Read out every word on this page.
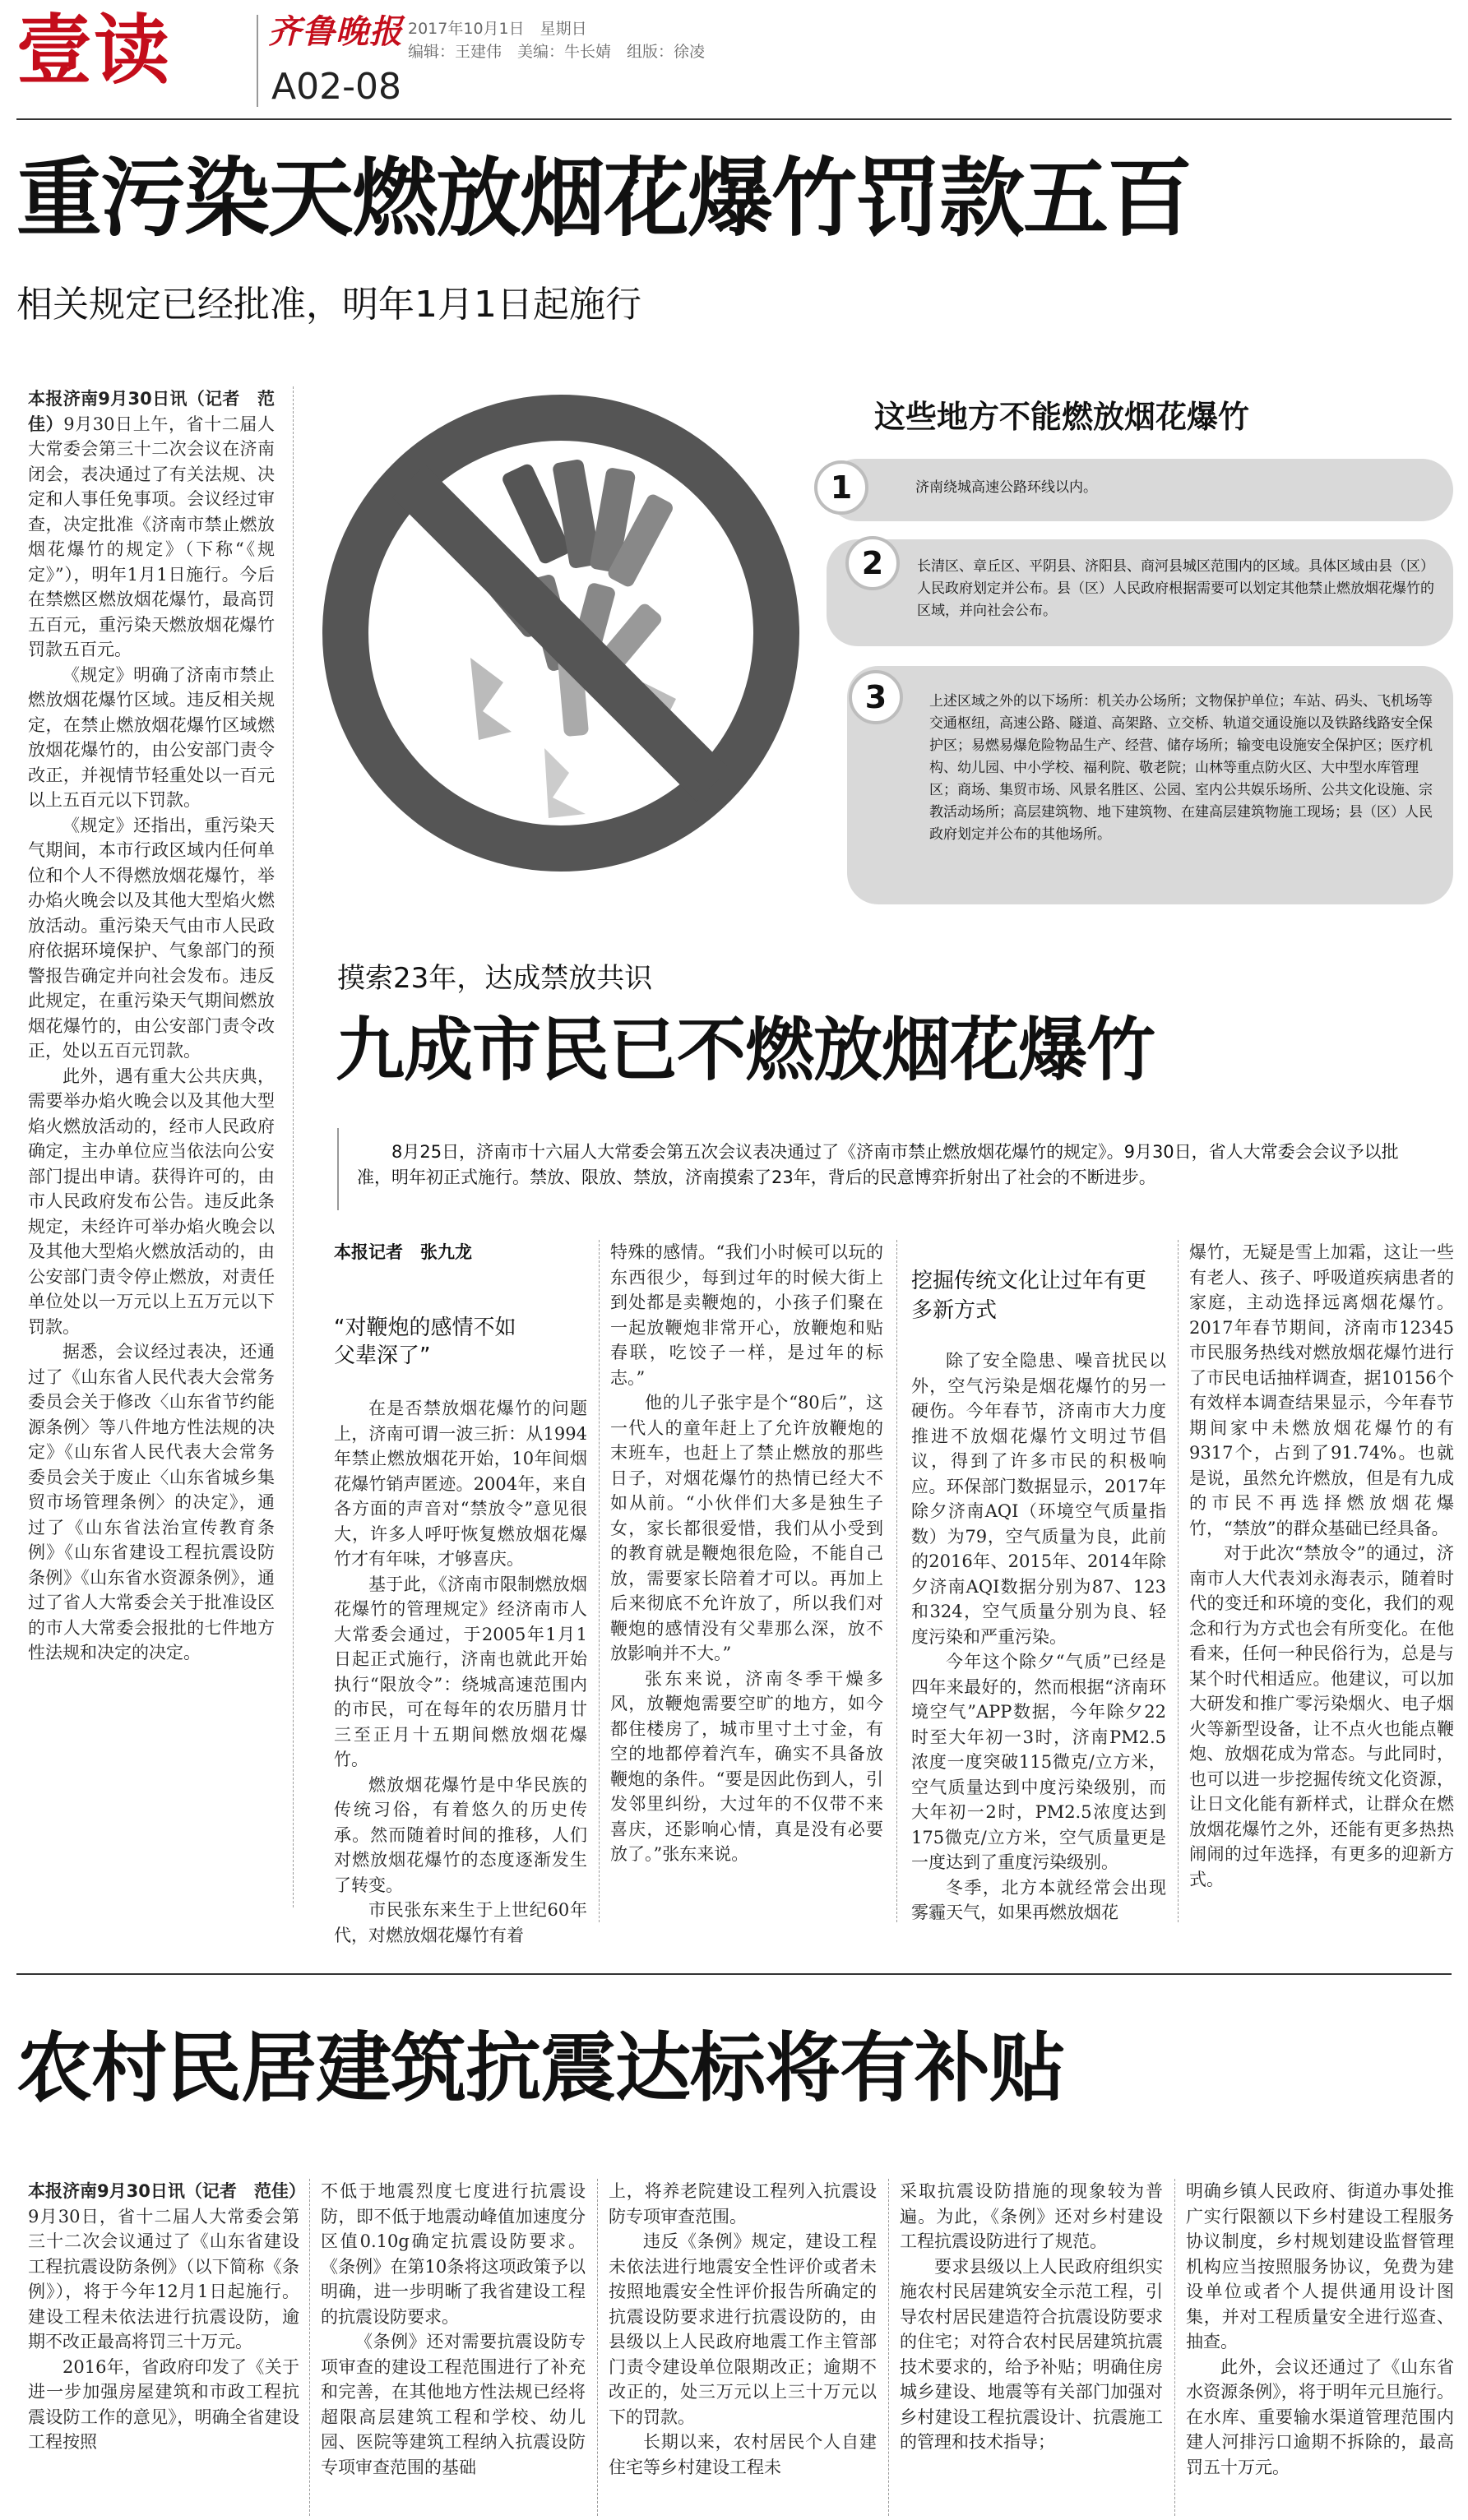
壹读	齐鲁晚报 2017年10月1日　星期日
编辑：王建伟　美编：牛长婧　组版：徐凌
A02-08
重污染天燃放烟花爆竹罚款五百
相关规定已经批准，明年1月1日起施行

本报济南9月30日讯（记者　范佳）9月30日上午，省十二届人大常委会第三十二次会议在济南闭会，表决通过了有关法规、决定和人事任免事项。会议经过审查，决定批准《济南市禁止燃放烟花爆竹的规定》（下称“《规定》”），明年1月1日施行。今后在禁燃区燃放烟花爆竹，最高罚五百元，重污染天燃放烟花爆竹罚款五百元。

《规定》明确了济南市禁止燃放烟花爆竹区域。违反相关规定，在禁止燃放烟花爆竹区域燃放烟花爆竹的，由公安部门责令改正，并视情节轻重处以一百元以上五百元以下罚款。

《规定》还指出，重污染天气期间，本市行政区域内任何单位和个人不得燃放烟花爆竹，举办焰火晚会以及其他大型焰火燃放活动。重污染天气由市人民政府依据环境保护、气象部门的预警报告确定并向社会发布。违反此规定，在重污染天气期间燃放烟花爆竹的，由公安部门责令改正，处以五百元罚款。

此外，遇有重大公共庆典，需要举办焰火晚会以及其他大型焰火燃放活动的，经市人民政府确定，主办单位应当依法向公安部门提出申请。获得许可的，由市人民政府发布公告。违反此条规定，未经许可举办焰火晚会以及其他大型焰火燃放活动的，由公安部门责令停止燃放，对责任单位处以一万元以上五万元以下罚款。

据悉，会议经过表决，还通过了《山东省人民代表大会常务委员会关于修改〈山东省节约能源条例〉等八件地方性法规的决定》《山东省人民代表大会常务委员会关于废止〈山东省城乡集贸市场管理条例〉的决定》，通过了《山东省法治宣传教育条例》《山东省建设工程抗震设防条例》《山东省水资源条例》，通过了省人大常委会关于批准设区的市人大常委会报批的七件地方性法规和决定的决定。

这些地方不能燃放烟花爆竹
济南绕城高速公路环线以内。
1
长清区、章丘区、平阴县、济阳县、商河县城区范围内的区域。具体区域由县（区）人民政府划定并公布。县（区）人民政府根据需要可以划定其他禁止燃放烟花爆竹的区域，并向社会公布。
2
上述区域之外的以下场所：机关办公场所；文物保护单位；车站、码头、飞机场等交通枢纽，高速公路、隧道、高架路、立交桥、轨道交通设施以及铁路线路安全保护区；易燃易爆危险物品生产、经营、储存场所；输变电设施安全保护区；医疗机构、幼儿园、中小学校、福利院、敬老院；山林等重点防火区、大中型水库管理区；商场、集贸市场、风景名胜区、公园、室内公共娱乐场所、公共文化设施、宗教活动场所；高层建筑物、地下建筑物、在建高层建筑物施工现场；县（区）人民政府划定并公布的其他场所。
3
摸索23年，达成禁放共识
九成市民已不燃放烟花爆竹
8月25日，济南市十六届人大常委会第五次会议表决通过了《济南市禁止燃放烟花爆竹的规定》。9月30日，省人大常委会会议予以批准，明年初正式施行。禁放、限放、禁放，济南摸索了23年，背后的民意博弈折射出了社会的不断进步。
本报记者　张九龙
“对鞭炮的感情不如父辈深了”

在是否禁放烟花爆竹的问题上，济南可谓一波三折：从1994年禁止燃放烟花开始，10年间烟花爆竹销声匿迹。2004年，来自各方面的声音对“禁放令”意见很大，许多人呼吁恢复燃放烟花爆竹才有年味，才够喜庆。

基于此，《济南市限制燃放烟花爆竹的管理规定》经济南市人大常委会通过，于2005年1月1日起正式施行，济南也就此开始执行“限放令”：绕城高速范围内的市民，可在每年的农历腊月廿三至正月十五期间燃放烟花爆竹。

燃放烟花爆竹是中华民族的传统习俗，有着悠久的历史传承。然而随着时间的推移，人们对燃放烟花爆竹的态度逐渐发生了转变。

市民张东来生于上世纪60年代，对燃放烟花爆竹有着

特殊的感情。“我们小时候可以玩的东西很少，每到过年的时候大街上到处都是卖鞭炮的，小孩子们聚在一起放鞭炮非常开心，放鞭炮和贴春联，吃饺子一样，是过年的标志。”

他的儿子张宇是个“80后”，这一代人的童年赶上了允许放鞭炮的末班车，也赶上了禁止燃放的那些日子，对烟花爆竹的热情已经大不如从前。“小伙伴们大多是独生子女，家长都很爱惜，我们从小受到的教育就是鞭炮很危险，不能自己放，需要家长陪着才可以。再加上后来彻底不允许放了，所以我们对鞭炮的感情没有父辈那么深，放不放影响并不大。”

张东来说，济南冬季干燥多风，放鞭炮需要空旷的地方，如今都住楼房了，城市里寸土寸金，有空的地都停着汽车，确实不具备放鞭炮的条件。“要是因此伤到人，引发邻里纠纷，大过年的不仅带不来喜庆，还影响心情，真是没有必要放了。”张东来说。

挖掘传统文化让过年有更多新方式

除了安全隐患、噪音扰民以外，空气污染是烟花爆竹的另一硬伤。今年春节，济南市大力度推进不放烟花爆竹文明过节倡议，得到了许多市民的积极响应。环保部门数据显示，2017年除夕济南AQI（环境空气质量指数）为79，空气质量为良，此前的2016年、2015年、2014年除夕济南AQI数据分别为87、123和324，空气质量分别为良、轻度污染和严重污染。

今年这个除夕“气质”已经是四年来最好的，然而根据“济南环境空气”APP数据，今年除夕22时至大年初一3时，济南PM2.5浓度一度突破115微克/立方米，空气质量达到中度污染级别，而大年初一2时，PM2.5浓度达到175微克/立方米，空气质量更是一度达到了重度污染级别。

冬季，北方本就经常会出现雾霾天气，如果再燃放烟花

爆竹，无疑是雪上加霜，这让一些有老人、孩子、呼吸道疾病患者的家庭，主动选择远离烟花爆竹。2017年春节期间，济南市12345市民服务热线对燃放烟花爆竹进行了市民电话抽样调查，据10156个有效样本调查结果显示，今年春节期间家中未燃放烟花爆竹的有9317个，占到了91.74%。也就是说，虽然允许燃放，但是有九成的市民不再选择燃放烟花爆竹，“禁放”的群众基础已经具备。

对于此次“禁放令”的通过，济南市人大代表刘永海表示，随着时代的变迁和环境的变化，我们的观念和行为方式也会有所变化。在他看来，任何一种民俗行为，总是与某个时代相适应。他建议，可以加大研发和推广零污染烟火、电子烟火等新型设备，让不点火也能点鞭炮、放烟花成为常态。与此同时，也可以进一步挖掘传统文化资源，让日文化能有新样式，让群众在燃放烟花爆竹之外，还能有更多热热闹闹的过年选择，有更多的迎新方式。

农村民居建筑抗震达标将有补贴

本报济南9月30日讯（记者　范佳）9月30日，省十二届人大常委会第三十二次会议通过了《山东省建设工程抗震设防条例》（以下简称《条例》），将于今年12月1日起施行。建设工程未依法进行抗震设防，逾期不改正最高将罚三十万元。

2016年，省政府印发了《关于进一步加强房屋建筑和市政工程抗震设防工作的意见》，明确全省建设工程按照

不低于地震烈度七度进行抗震设防，即不低于地震动峰值加速度分区值0.10g确定抗震设防要求。《条例》在第10条将这项政策予以明确，进一步明晰了我省建设工程的抗震设防要求。

《条例》还对需要抗震设防专项审查的建设工程范围进行了补充和完善，在其他地方性法规已经将超限高层建筑工程和学校、幼儿园、医院等建筑工程纳入抗震设防专项审查范围的基础

上，将养老院建设工程列入抗震设防专项审查范围。

违反《条例》规定，建设工程未依法进行地震安全性评价或者未按照地震安全性评价报告所确定的抗震设防要求进行抗震设防的，由县级以上人民政府地震工作主管部门责令建设单位限期改正；逾期不改正的，处三万元以上三十万元以下的罚款。

长期以来，农村居民个人自建住宅等乡村建设工程未

采取抗震设防措施的现象较为普遍。为此，《条例》还对乡村建设工程抗震设防进行了规范。

要求县级以上人民政府组织实施农村民居建筑安全示范工程，引导农村居民建造符合抗震设防要求的住宅；对符合农村民居建筑抗震技术要求的，给予补贴；明确住房城乡建设、地震等有关部门加强对乡村建设工程抗震设计、抗震施工的管理和技术指导；

明确乡镇人民政府、街道办事处推广实行限额以下乡村建设工程服务协议制度，乡村规划建设监督管理机构应当按照服务协议，免费为建设单位或者个人提供通用设计图集，并对工程质量安全进行巡查、抽查。

此外，会议还通过了《山东省水资源条例》，将于明年元旦施行。在水库、重要输水渠道管理范围内建人河排污口逾期不拆除的，最高罚五十万元。
